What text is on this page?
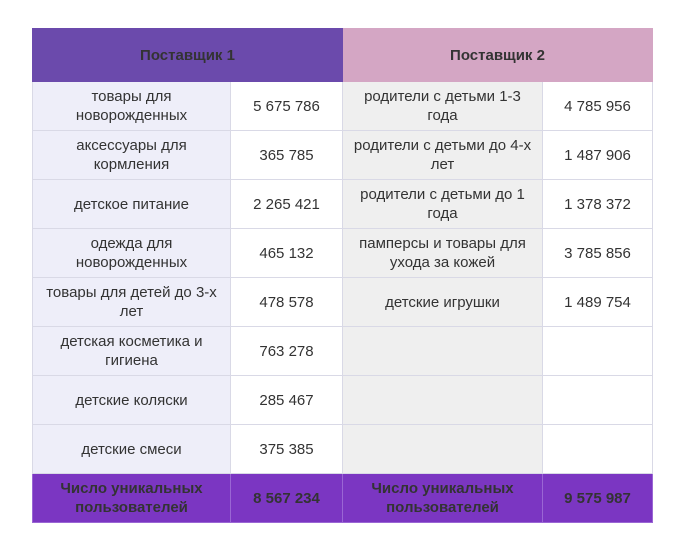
Поставщик 1		Поставщик 2	
товары для новорожденных	5 675 786	родители с детьми 1-3 года	4 785 956
аксессуары для кормления	365 785	родители с детьми до 4-х лет	1 487 906
детское питание	2 265 421	родители с детьми до 1 года	1 378 372
одежда для новорожденных	465 132	памперсы и товары для ухода за кожей	3 785 856
товары для детей до 3-х лет	478 578	детские игрушки	1 489 754
детская косметика и гигиена	763 278		
детские коляски	285 467		
детские смеси	375 385		
Число уникальных пользователей	8 567 234	Число уникальных пользователей	9 575 987
